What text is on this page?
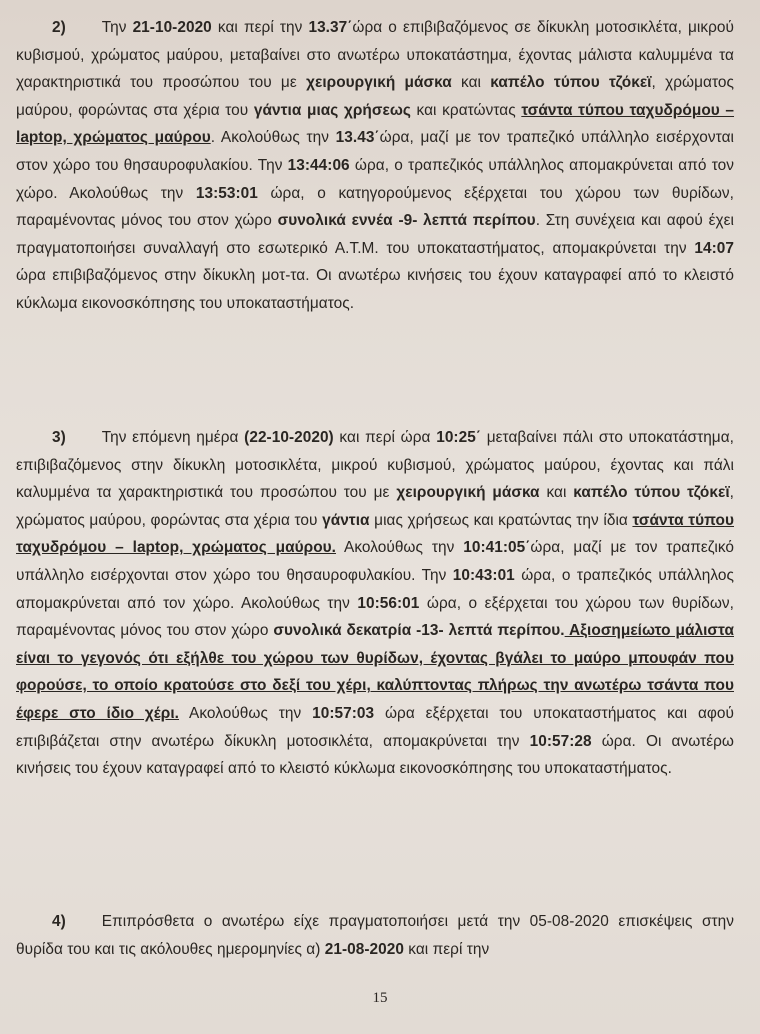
2) Την 21-10-2020 και περί την 13.37΄ώρα ο επιβιβαζόμενος σε δίκυκλη μοτοσικλέτα, μικρού κυβισμού, χρώματος μαύρου, μεταβαίνει στο ανωτέρω υποκατάστημα, έχοντας μάλιστα καλυμμένα τα χαρακτηριστικά του προσώπου του με χειρουργική μάσκα και καπέλο τύπου τζόκεϊ, χρώματος μαύρου, φορώντας στα χέρια του γάντια μιας χρήσεως και κρατώντας τσάντα τύπου ταχυδρόμου – laptop, χρώματος μαύρου. Ακολούθως την 13.43΄ώρα, μαζί με τον τραπεζικό υπάλληλο εισέρχονται στον χώρο του θησαυροφυλακίου. Την 13:44:06 ώρα, ο τραπεζικός υπάλληλος απομακρύνεται από τον χώρο. Ακολούθως την 13:53:01 ώρα, ο κατηγορούμενος εξέρχεται του χώρου των θυρίδων, παραμένοντας μόνος του στον χώρο συνολικά εννέα -9- λεπτά περίπου. Στη συνέχεια και αφού έχει πραγματοποιήσει συναλλαγή στο εσωτερικό Α.Τ.Μ. του υποκαταστήματος, απομακρύνεται την 14:07 ώρα επιβιβαζόμενος στην δίκυκλη μοτ-τα. Οι ανωτέρω κινήσεις του έχουν καταγραφεί από το κλειστό κύκλωμα εικονοσκόπησης του υποκαταστήματος.

3) Την επόμενη ημέρα (22-10-2020) και περί ώρα 10:25΄ μεταβαίνει πάλι στο υποκατάστημα, επιβιβαζόμενος στην δίκυκλη μοτοσικλέτα, μικρού κυβισμού, χρώματος μαύρου, έχοντας και πάλι καλυμμένα τα χαρακτηριστικά του προσώπου του με χειρουργική μάσκα και καπέλο τύπου τζόκεϊ, χρώματος μαύρου, φορώντας στα χέρια του γάντια μιας χρήσεως και κρατώντας την ίδια τσάντα τύπου ταχυδρόμου – laptop, χρώματος μαύρου. Ακολούθως την 10:41:05΄ώρα, μαζί με τον τραπεζικό υπάλληλο εισέρχονται στον χώρο του θησαυροφυλακίου. Την 10:43:01 ώρα, ο τραπεζικός υπάλληλος απομακρύνεται από τον χώρο. Ακολούθως την 10:56:01 ώρα, ο εξέρχεται του χώρου των θυρίδων, παραμένοντας μόνος του στον χώρο συνολικά δεκατρία -13- λεπτά περίπου. Αξιοσημείωτο μάλιστα είναι το γεγονός ότι εξήλθε του χώρου των θυρίδων, έχοντας βγάλει το μαύρο μπουφάν που φορούσε, το οποίο κρατούσε στο δεξί του χέρι, καλύπτοντας πλήρως την ανωτέρω τσάντα που έφερε στο ίδιο χέρι. Ακολούθως την 10:57:03 ώρα εξέρχεται του υποκαταστήματος και αφού επιβιβάζεται στην ανωτέρω δίκυκλη μοτοσικλέτα, απομακρύνεται την 10:57:28 ώρα. Οι ανωτέρω κινήσεις του έχουν καταγραφεί από το κλειστό κύκλωμα εικονοσκόπησης του υποκαταστήματος.

4) Επιπρόσθετα ο ανωτέρω είχε πραγματοποιήσει μετά την 05-08-2020 επισκέψεις στην θυρίδα του και τις ακόλουθες ημερομηνίες α) 21-08-2020 και περί την

15
